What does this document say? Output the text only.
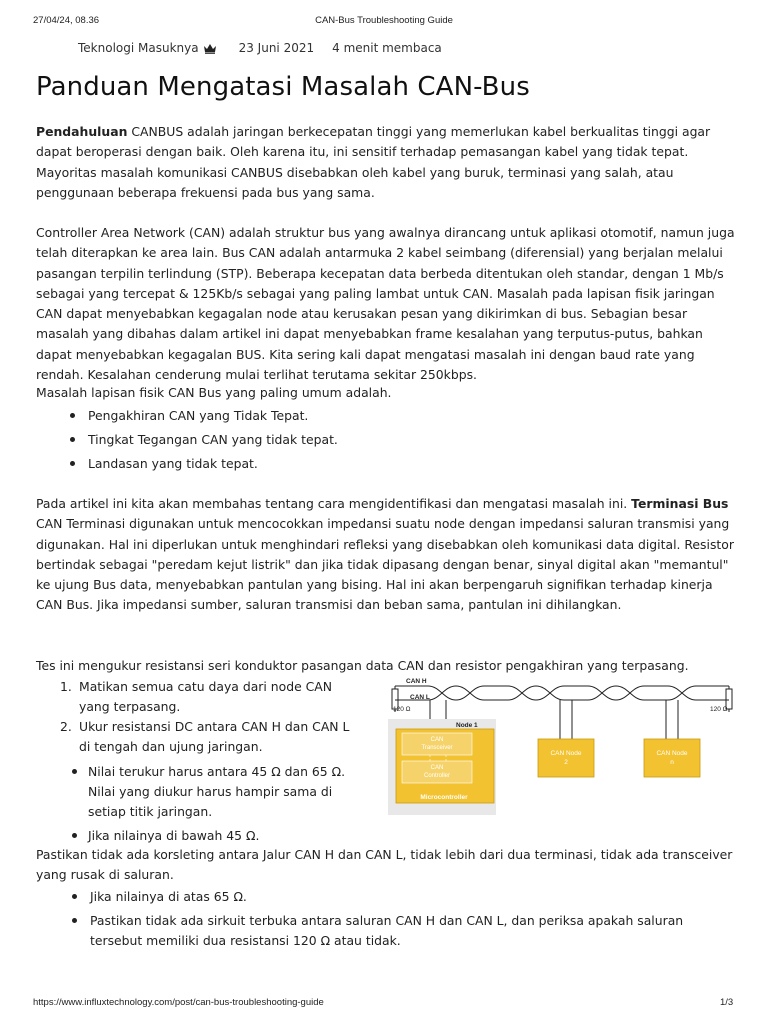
27/04/24, 08.36	CAN-Bus Troubleshooting Guide
Teknologi Masuknya	23 Juni 2021 4 menit membaca
Panduan Mengatasi Masalah CAN-Bus

Pendahuluan CANBUS adalah jaringan berkecepatan tinggi yang memerlukan kabel berkualitas tinggi agar dapat beroperasi dengan baik. Oleh karena itu, ini sensitif terhadap pemasangan kabel yang tidak tepat. Mayoritas masalah komunikasi CANBUS disebabkan oleh kabel yang buruk, terminasi yang salah, atau penggunaan beberapa frekuensi pada bus yang sama.

Controller Area Network (CAN) adalah struktur bus yang awalnya dirancang untuk aplikasi otomotif, namun juga telah diterapkan ke area lain. Bus CAN adalah antarmuka 2 kabel seimbang (diferensial) yang berjalan melalui pasangan terpilin terlindung (STP). Beberapa kecepatan data berbeda ditentukan oleh standar, dengan 1 Mb/s sebagai yang tercepat & 125Kb/s sebagai yang paling lambat untuk CAN. Masalah pada lapisan fisik jaringan CAN dapat menyebabkan kegagalan node atau kerusakan pesan yang dikirimkan di bus. Sebagian besar masalah yang dibahas dalam artikel ini dapat menyebabkan frame kesalahan yang terputus-putus, bahkan dapat menyebabkan kegagalan BUS. Kita sering kali dapat mengatasi masalah ini dengan baud rate yang rendah. Kesalahan cenderung mulai terlihat terutama sekitar 250kbps.

Masalah lapisan fisik CAN Bus yang paling umum adalah.

Pengakhiran CAN yang Tidak Tepat.
Tingkat Tegangan CAN yang tidak tepat.
Landasan yang tidak tepat.

Pada artikel ini kita akan membahas tentang cara mengidentifikasi dan mengatasi masalah ini. Terminasi Bus CAN Terminasi digunakan untuk mencocokkan impedansi suatu node dengan impedansi saluran transmisi yang digunakan. Hal ini diperlukan untuk menghindari refleksi yang disebabkan oleh komunikasi data digital. Resistor bertindak sebagai "peredam kejut listrik" dan jika tidak dipasang dengan benar, sinyal digital akan "memantul" ke ujung Bus data, menyebabkan pantulan yang bising. Hal ini akan berpengaruh signifikan terhadap kinerja CAN Bus. Jika impedansi sumber, saluran transmisi dan beban sama, pantulan ini dihilangkan.

Tes ini mengukur resistansi seri konduktor pasangan data CAN dan resistor pengakhiran yang terpasang.

1. Matikan semua catu daya dari node CAN yang terpasang.
2. Ukur resistansi DC antara CAN H dan CAN L di tengah dan ujung jaringan.
Nilai terukur harus antara 45 Ω dan 65 Ω. Nilai yang diukur harus hampir sama di setiap titik jaringan.
Jika nilainya di bawah 45 Ω.

Pastikan tidak ada korsleting antara Jalur CAN H dan CAN L, tidak lebih dari dua terminasi, tidak ada transceiver yang rusak di saluran.

Jika nilainya di atas 65 Ω.
Pastikan tidak ada sirkuit terbuka antara saluran CAN H dan CAN L, dan periksa apakah saluran tersebut memiliki dua resistansi 120 Ω atau tidak.
CAN H
CAN L
120 Ω	120 Ω
Node 1
CAN
Transceiver
CAN
Controller
Microcontroller
CAN Node
2
CAN Node
n
https://www.influxtechnology.com/post/can-bus-troubleshooting-guide	1/3
